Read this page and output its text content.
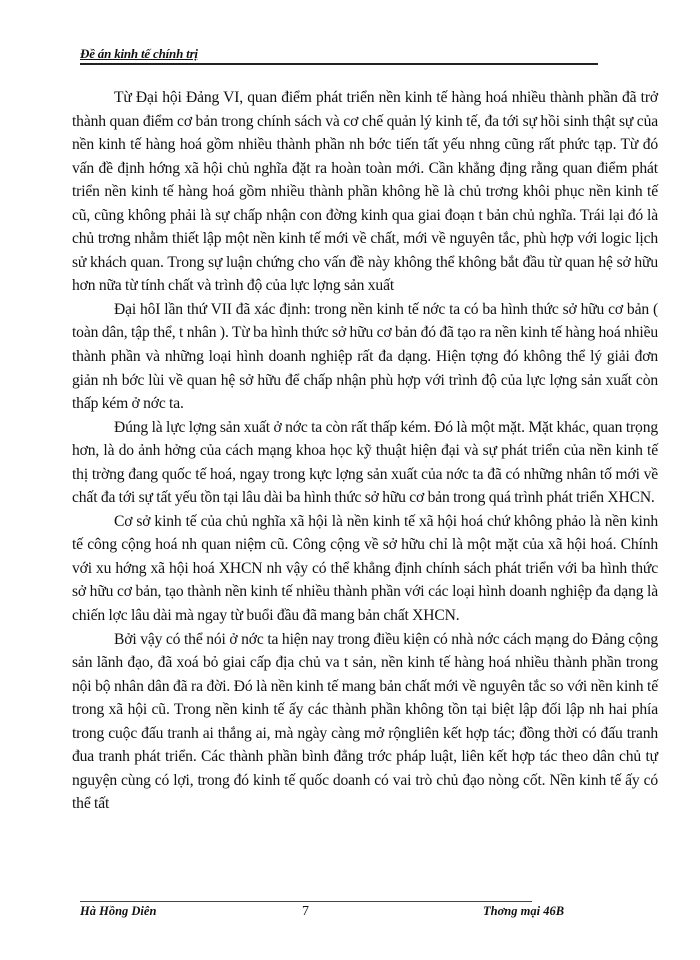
Đề án kinh tế chính trị

Từ Đại hội Đảng VI, quan điểm phát triển nền kinh tế hàng hoá nhiều thành phần đã trở thành quan điểm cơ bản trong chính sách và cơ chế quản lý kinh tế, đa tới sự hồi sinh thật sự của nền kinh tế hàng hoá gồm nhiều thành phần nh bớc tiến tất yếu nhng cũng rất phức tạp. Từ đó vấn đề định hớng xã hội chủ nghĩa đặt ra hoàn toàn mới. Cần khẳng địng rằng quan điểm phát triển nền kinh tế hàng hoá gồm nhiều thành phần không hề là chủ trơng khôi phục nền kinh tế cũ, cũng không phải là sự chấp nhận con đờng kinh qua giai đoạn t bản chủ nghĩa. Trái lại đó là chủ trơng nhằm thiết lập một nền kinh tế mới về chất, mới về nguyên tắc, phù hợp với logic lịch sử khách quan. Trong sự luận chứng cho vấn đề này không thể không bắt đầu từ quan hệ sở hữu hơn nữa từ tính chất và trình độ của lực lợng sản xuất

Đại hôI lần thứ VII đã xác định: trong nền kinh tế nớc ta có ba hình thức sở hữu cơ bản ( toàn dân, tập thể, t nhân ). Từ ba hình thức sở hữu cơ bản đó đã tạo ra nền kinh tế hàng hoá nhiều thành phần và những loại hình doanh nghiệp rất đa dạng. Hiện tợng đó không thể lý giải đơn giản nh bớc lùi về quan hệ sở hữu để chấp nhận phù hợp với trình độ của lực lợng sản xuất còn thấp kém ở nớc ta.

Đúng là lực lợng sản xuất ở nớc ta còn rất thấp kém. Đó là một mặt. Mặt khác, quan trọng hơn, là do ảnh hởng của cách mạng khoa học kỹ thuật hiện đại và sự phát triển của nền kinh tế thị trờng đang quốc tế hoá, ngay trong kực lợng sản xuất của nớc ta đã có những nhân tố mới về chất đa tới sự tất yếu tồn tại lâu dài ba hình thức sở hữu cơ bản trong quá trình phát triển XHCN.

Cơ sở kinh tế của chủ nghĩa xã hội là nền kinh tế xã hội hoá chứ không phảo là nền kinh tế công cộng hoá nh quan niệm cũ. Công cộng về sở hữu chỉ là một mặt của xã hội hoá. Chính với xu hớng xã hội hoá XHCN nh vậy có thể khẳng định chính sách phát triển với ba hình thức sở hữu cơ bản, tạo thành nền kinh tế nhiều thành phần với các loại hình doanh nghiệp đa dạng là chiến lợc lâu dài mà ngay từ buổi đầu đã mang bản chất XHCN.

Bởi vậy có thể nói ở nớc ta hiện nay trong điều kiện có nhà nớc cách mạng do Đảng cộng sản lãnh đạo, đã xoá bỏ giai cấp địa chủ va t sản, nền kinh tế hàng hoá nhiều thành phần trong nội bộ nhân dân đã ra đời. Đó là nền kinh tế mang bản chất mới về nguyên tắc so với nền kinh tế trong xã hội cũ. Trong nền kinh tế ấy các thành phần không tồn tại biệt lập đối lập nh hai phía trong cuộc đấu tranh ai thắng ai, mà ngày càng mở rộngliên kết hợp tác; đồng thời có đấu tranh đua tranh phát triển. Các thành phần bình đẳng trớc pháp luật, liên kết hợp tác theo dân chủ tự nguyện cùng có lợi, trong đó kinh tế quốc doanh có vai trò chủ đạo nòng cốt. Nền kinh tế ấy có thể tất

Hà Hồng Diên	7	Thơng mại 46B
